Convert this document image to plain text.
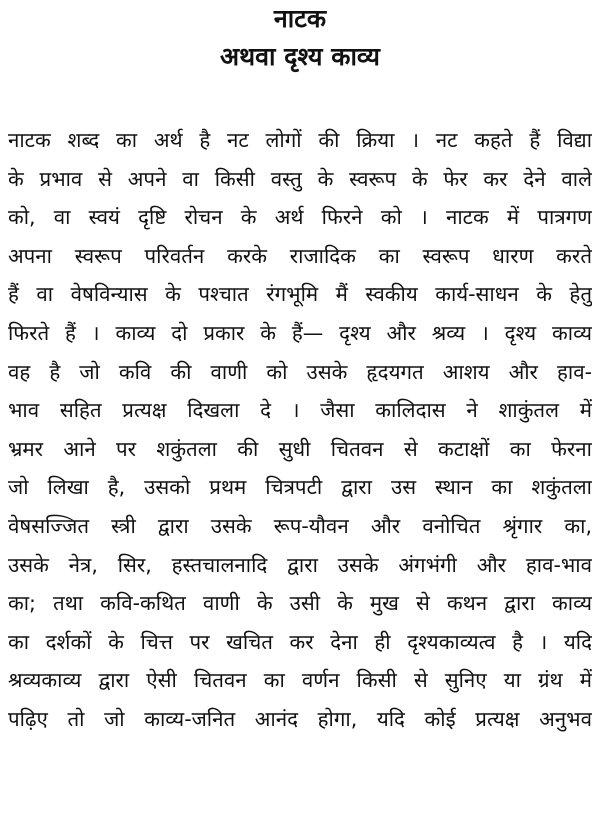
नाटक
अथवा दृश्य काव्य
नाटक शब्द का अर्थ है नट लोगों की क्रिया । नट कहते हैं विद्या
के प्रभाव से अपने वा किसी वस्तु के स्वरूप के फेर कर देने वाले
को, वा स्वयं दृष्टि रोचन के अर्थ फिरने को । नाटक में पात्रगण
अपना स्वरूप परिवर्तन करके राजादिक का स्वरूप धारण करते
हैं वा वेषविन्यास के पश्चात रंगभूमि मैं स्वकीय कार्य-साधन के हेतु
फिरते हैं । काव्य दो प्रकार के हैं— दृश्य और श्रव्य । दृश्य काव्य
वह है जो कवि की वाणी को उसके हृदयगत आशय और हाव-
भाव सहित प्रत्यक्ष दिखला दे । जैसा कालिदास ने शाकुंतल में
भ्रमर आने पर शकुंतला की सुधी चितवन से कटाक्षों का फेरना
जो लिखा है, उसको प्रथम चित्रपटी द्वारा उस स्थान का शकुंतला
वेषसज्जित स्त्री द्वारा उसके रूप-यौवन और वनोचित श्रृंगार का,
उसके नेत्र, सिर, हस्तचालनादि द्वारा उसके अंगभंगी और हाव-भाव
का; तथा कवि-कथित वाणी के उसी के मुख से कथन द्वारा काव्य
का दर्शकों के चित्त पर खचित कर देना ही दृश्यकाव्यत्व है । यदि
श्रव्यकाव्य द्वारा ऐसी चितवन का वर्णन किसी से सुनिए या ग्रंथ में
पढ़िए तो जो काव्य-जनित आनंद होगा, यदि कोई प्रत्यक्ष अनुभव
